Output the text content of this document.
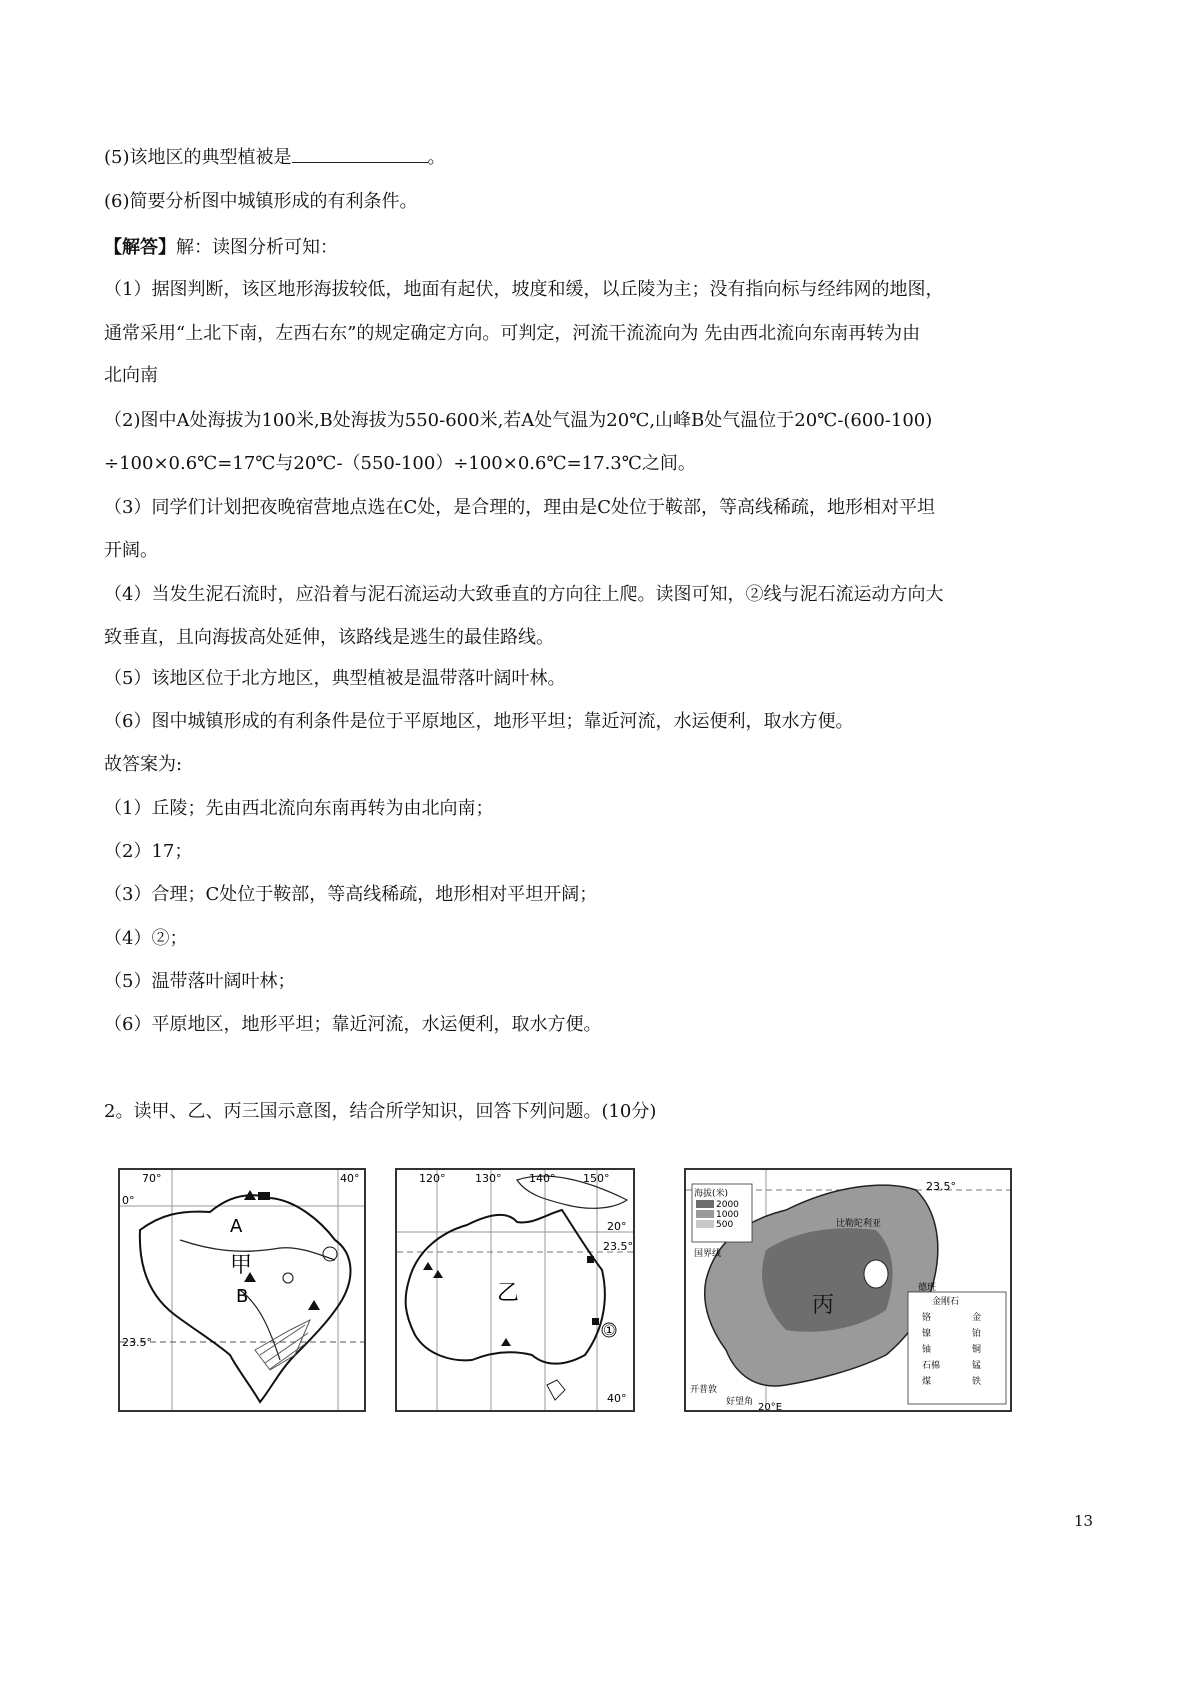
(5)该地区的典型植被是	。
(6)简要分析图中城镇形成的有利条件。
【解答】解：读图分析可知：
（1）据图判断，该区地形海拔较低，地面有起伏，坡度和缓，以丘陵为主；没有指向标与经纬网的地图，
通常采用“上北下南，左西右东”的规定确定方向。可判定，河流干流流向为 先由西北流向东南再转为由
北向南
（2)图中A处海拔为100米,B处海拔为550-600米,若A处气温为20℃,山峰B处气温位于20℃-(600-100)
÷100×0.6℃=17℃与20℃-（550-100）÷100×0.6℃=17.3℃之间。
（3）同学们计划把夜晚宿营地点选在C处，是合理的，理由是C处位于鞍部，等高线稀疏，地形相对平坦
开阔。
（4）当发生泥石流时，应沿着与泥石流运动大致垂直的方向往上爬。读图可知，②线与泥石流运动方向大
致垂直，且向海拔高处延伸，该路线是逃生的最佳路线。
（5）该地区位于北方地区，典型植被是温带落叶阔叶林。
（6）图中城镇形成的有利条件是位于平原地区，地形平坦；靠近河流，水运便利，取水方便。
故答案为:
（1）丘陵；先由西北流向东南再转为由北向南；
（2）17；
（3）合理；C处位于鞍部，等高线稀疏，地形相对平坦开阔；
（4）②；
（5）温带落叶阔叶林；
（6）平原地区，地形平坦；靠近河流，水运便利，取水方便。
2。读甲、乙、丙三国示意图，结合所学知识，回答下列问题。(10分)
70°	40°
0°
23.5°
A
甲
B
120°	130°	140°	150°
20°
23.5°
40°
乙
①
23.5°
海拔(米)
2000
1000
500
国界线
比勒陀利亚
德班
开普敦
好望角 20°E
丙	金刚石
铬	金
镍	铂
铀	铜
石棉	锰
煤	铁
13
